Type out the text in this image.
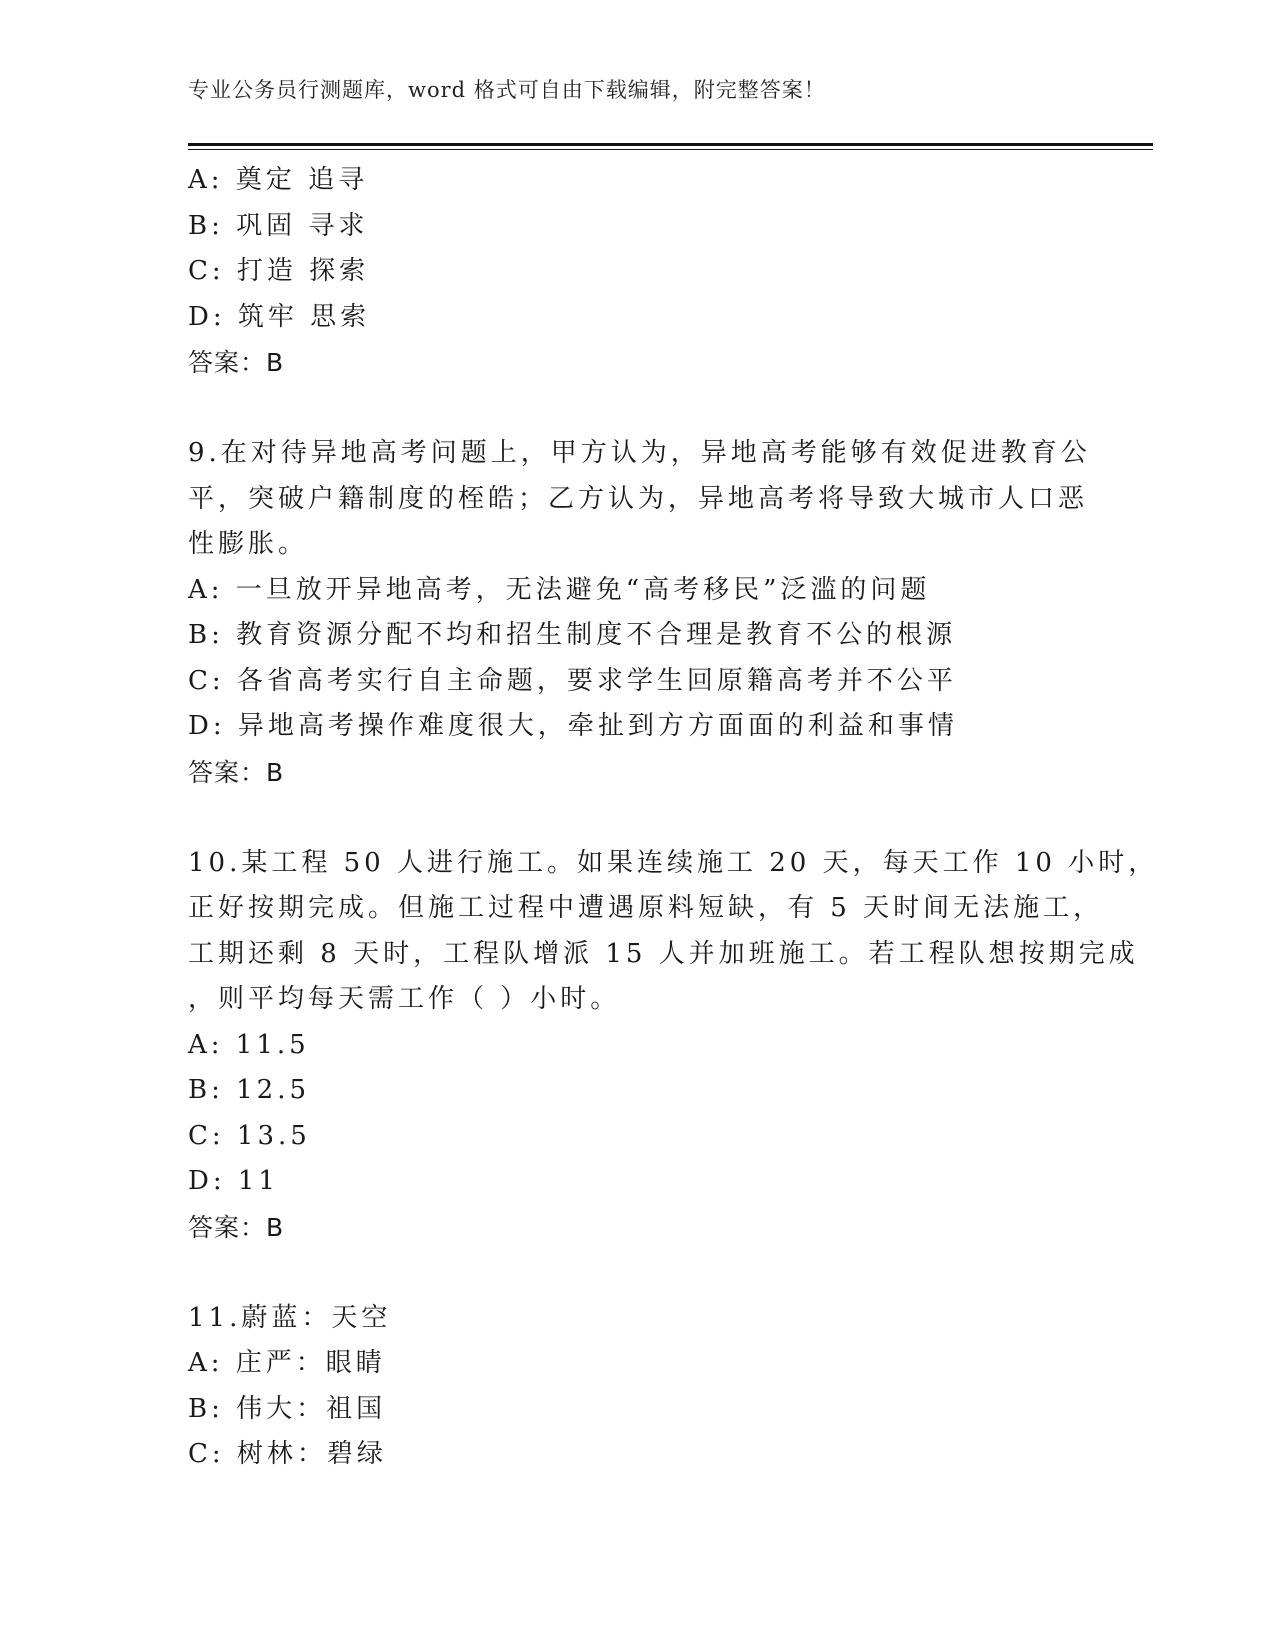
专业公务员行测题库，word 格式可自由下载编辑，附完整答案！
A: 奠定 追寻
B: 巩固 寻求
C: 打造 探索
D: 筑牢 思索
答案：B
9.在对待异地高考问题上，甲方认为，异地高考能够有效促进教育公
平，突破户籍制度的桎皓；乙方认为，异地高考将导致大城市人口恶
性膨胀。
A: 一旦放开异地高考，无法避免“高考移民”泛滥的问题
B: 教育资源分配不均和招生制度不合理是教育不公的根源
C: 各省高考实行自主命题，要求学生回原籍高考并不公平
D: 异地高考操作难度很大，牵扯到方方面面的利益和事情
答案：B
10.某工程 50 人进行施工。如果连续施工 20 天，每天工作 10 小时，
正好按期完成。但施工过程中遭遇原料短缺，有 5 天时间无法施工，
工期还剩 8 天时，工程队增派 15 人并加班施工。若工程队想按期完成
，则平均每天需工作（ ）小时。
A: 11.5
B: 12.5
C: 13.5
D: 11
答案：B
11.蔚蓝：天空
A: 庄严：眼睛
B: 伟大：祖国
C: 树林：碧绿
